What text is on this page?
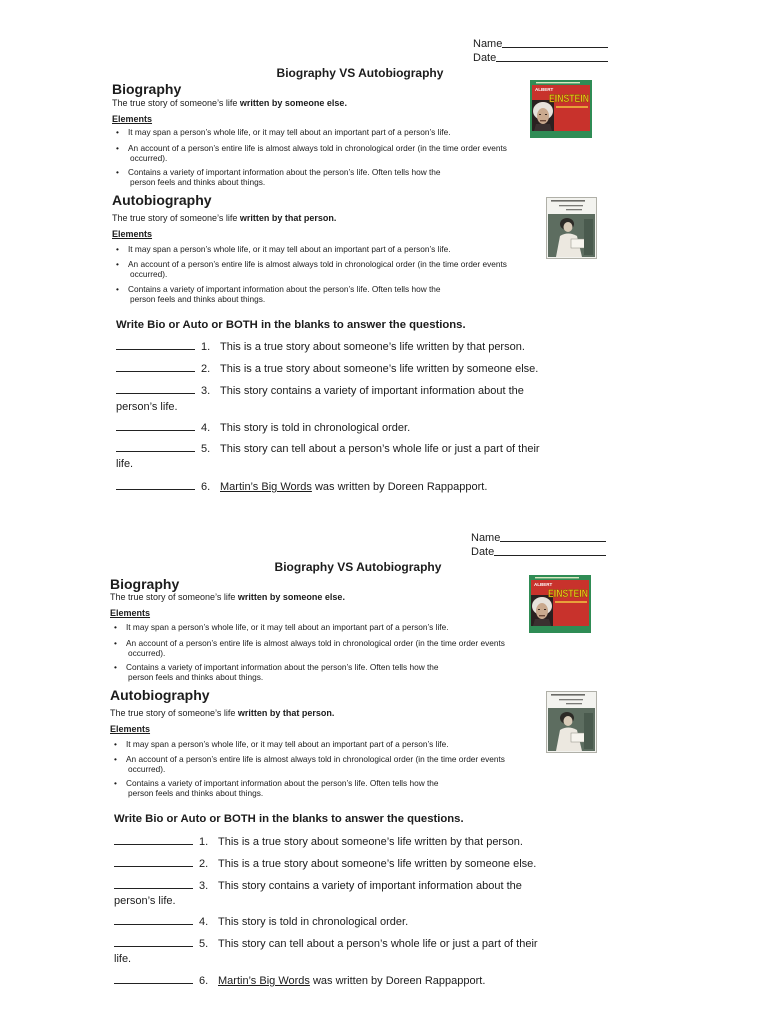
Name
Date
Biography VS Autobiography
Biography
The true story of someone’s life written by someone else.
Elements
• It may span a person’s whole life, or it may tell about an important part of a person’s life.
• An account of a person’s entire life is almost always told in chronological order (in the time order events
occurred).
• Contains a variety of important information about the person’s life. Often tells how the
person feels and thinks about things.
Autobiography
The true story of someone’s life written by that person.
Elements
• It may span a person’s whole life, or it may tell about an important part of a person’s life.
• An account of a person’s entire life is almost always told in chronological order (in the time order events
occurred).
• Contains a variety of important information about the person’s life. Often tells how the
person feels and thinks about things.
Write Bio or Auto or BOTH in the blanks to answer the questions.
1. This is a true story about someone’s life written by that person.
2. This is a true story about someone’s life written by someone else.
3. This story contains a variety of important information about the
person’s life.
4. This story is told in chronological order.
5. This story can tell about a person’s whole life or just a part of their
life.
6. Martin’s Big Words was written by Doreen Rappapport.
ALBERT
EINSTEIN
Name
Date
Biography VS Autobiography
Biography
The true story of someone’s life written by someone else.
Elements
• It may span a person’s whole life, or it may tell about an important part of a person’s life.
• An account of a person’s entire life is almost always told in chronological order (in the time order events
occurred).
• Contains a variety of important information about the person’s life. Often tells how the
person feels and thinks about things.
Autobiography
The true story of someone’s life written by that person.
Elements
• It may span a person’s whole life, or it may tell about an important part of a person’s life.
• An account of a person’s entire life is almost always told in chronological order (in the time order events
occurred).
• Contains a variety of important information about the person’s life. Often tells how the
person feels and thinks about things.
Write Bio or Auto or BOTH in the blanks to answer the questions.
1. This is a true story about someone’s life written by that person.
2. This is a true story about someone’s life written by someone else.
3. This story contains a variety of important information about the
person’s life.
4. This story is told in chronological order.
5. This story can tell about a person’s whole life or just a part of their
life.
6. Martin’s Big Words was written by Doreen Rappapport.
ALBERT
EINSTEIN
